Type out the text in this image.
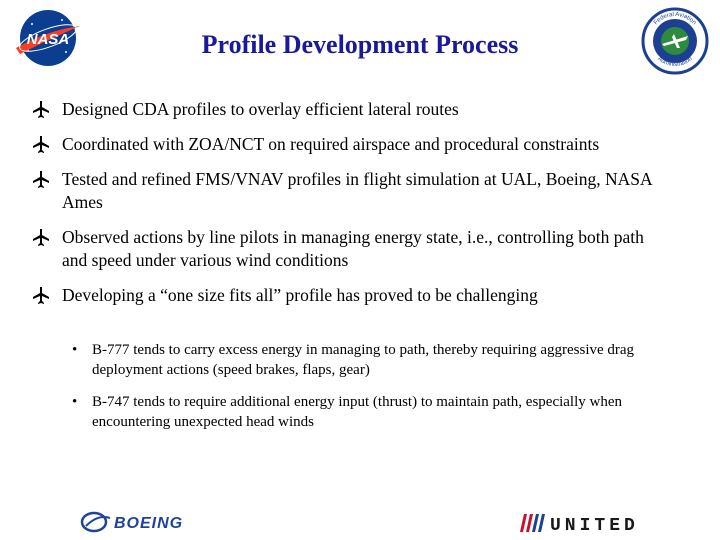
NASA	Profile Development Process
Federal Aviation
Administration
Designed CDA profiles to overlay efficient lateral routes
Coordinated with ZOA/NCT on required airspace and procedural constraints
Tested and refined FMS/VNAV profiles in flight simulation at UAL, Boeing, NASA Ames
Observed actions by line pilots in managing energy state, i.e., controlling both path and speed under various wind conditions
Developing a “one size fits all” profile has proved to be challenging
• B-777 tends to carry excess energy in managing to path, thereby requiring aggressive drag deployment actions (speed brakes, flaps, gear)
• B-747 tends to require additional energy input (thrust) to maintain path, especially when encountering unexpected head winds
BOEING	UNITED
